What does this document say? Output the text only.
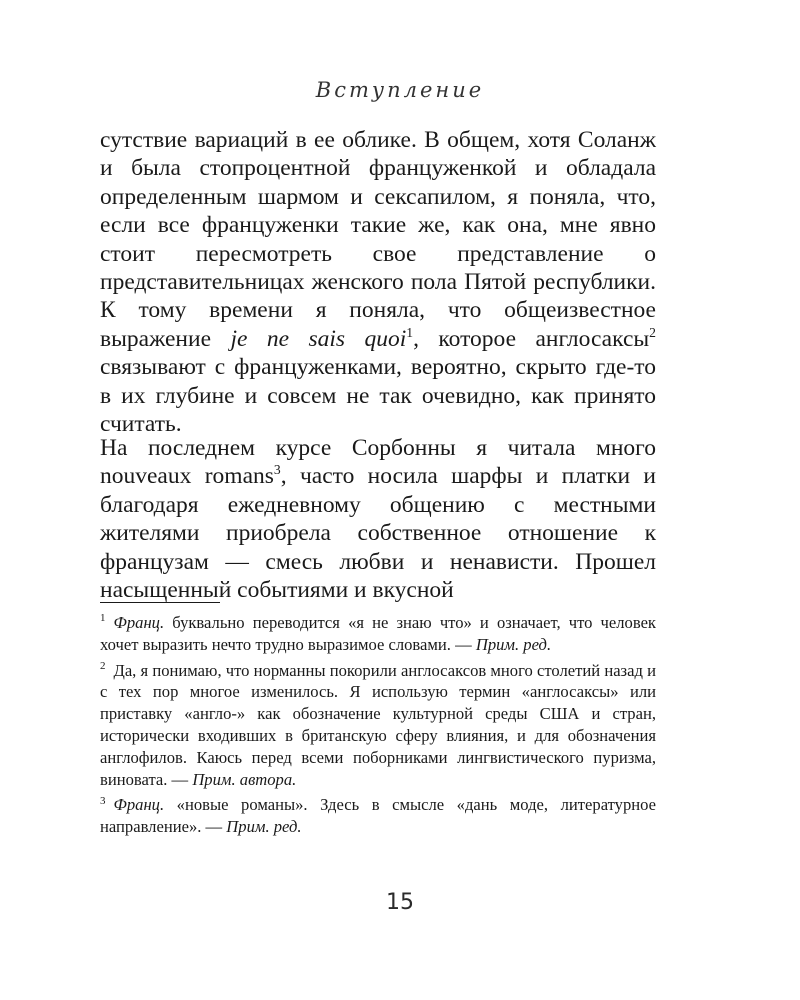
Вступление
сутствие вариаций в ее облике. В общем, хотя Соланж и была стопроцентной француженкой и обладала определенным шармом и сексапилом, я поняла, что, если все француженки такие же, как она, мне явно стоит пересмотреть свое представление о представительницах женского пола Пятой республики. К тому времени я поняла, что общеизвестное выражение je ne sais quoi$^1$, которое англосаксы$^2$ связывают с француженками, вероятно, скрыто где-то в их глубине и совсем не так очевидно, как принято считать.
На последнем курсе Сорбонны я читала много nouveaux romans$^3$, часто носила шарфы и платки и благодаря ежедневному общению с местными жителями приобрела собственное отношение к французам — смесь любви и ненависти. Прошел насыщенный событиями и вкусной

$^1$ Франц. буквально переводится «я не знаю что» и означает, что человек хочет выразить нечто трудно выразимое словами. — Прим. ред.

$^2$ Да, я понимаю, что норманны покорили англосаксов много столетий назад и с тех пор многое изменилось. Я использую термин «англосаксы» или приставку «англо-» как обозначение культурной среды США и стран, исторически входивших в британскую сферу влияния, и для обозначения англофилов. Каюсь перед всеми поборниками лингвистического пуризма, виновата. — Прим. автора.

$^3$ Франц. «новые романы». Здесь в смысле «дань моде, литературное направление». — Прим. ред.

15
